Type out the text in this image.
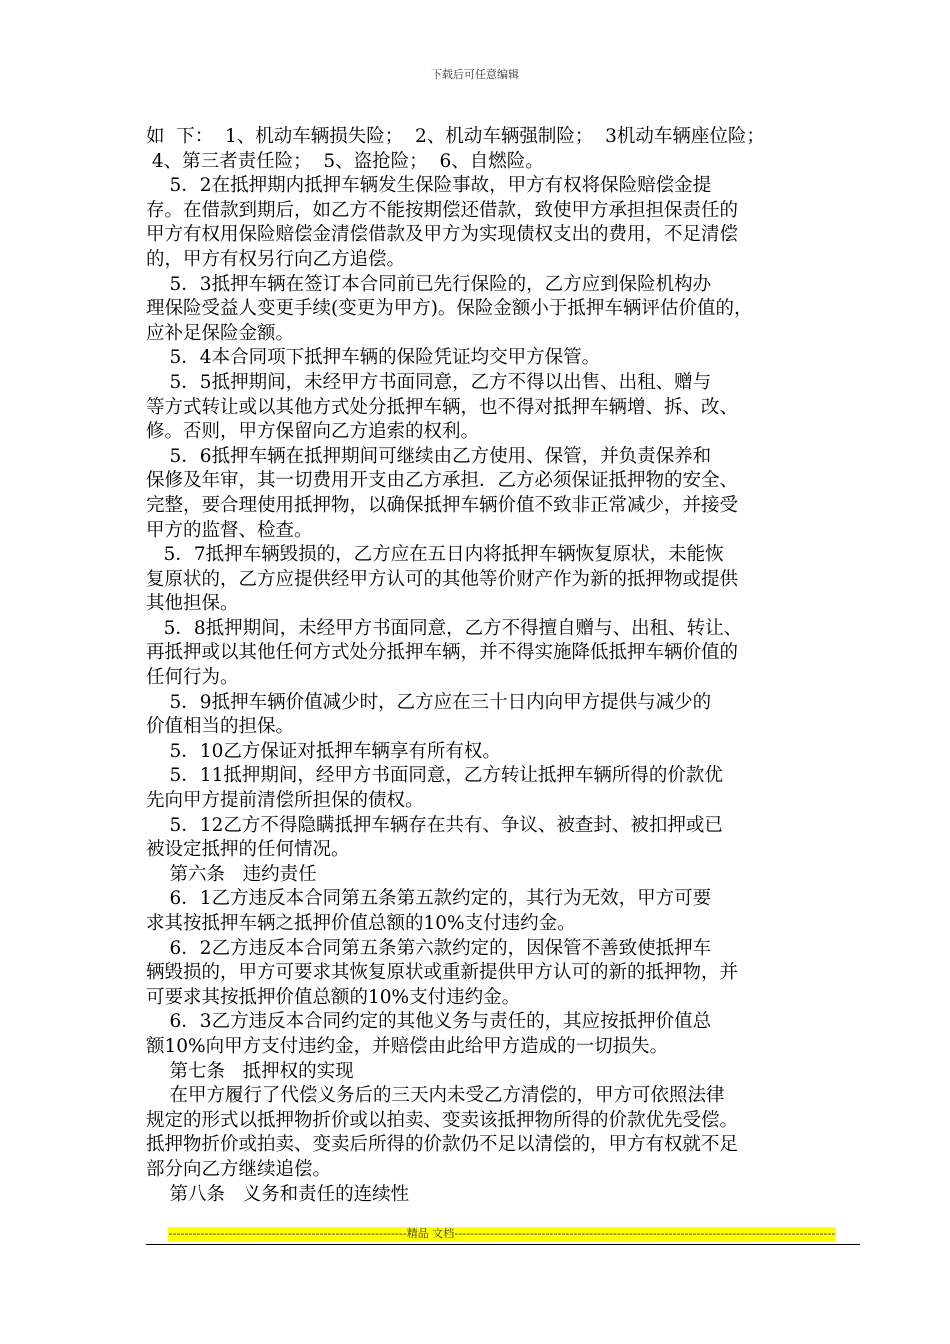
下载后可任意编辑
如  下：  1、机动车辆损失险；  2、机动车辆强制险；  3机动车辆座位险；
4、第三者责任险；  5、盗抢险；  6、自燃险。
5．2在抵押期内抵押车辆发生保险事故，甲方有权将保险赔偿金提
存。在借款到期后，如乙方不能按期偿还借款，致使甲方承担担保责任的
甲方有权用保险赔偿金清偿借款及甲方为实现债权支出的费用，不足清偿
的，甲方有权另行向乙方追偿。
5．3抵押车辆在签订本合同前已先行保险的，乙方应到保险机构办
理保险受益人变更手续(变更为甲方)。保险金额小于抵押车辆评估价值的，
应补足保险金额。
5．4本合同项下抵押车辆的保险凭证均交甲方保管。
5．5抵押期间，未经甲方书面同意，乙方不得以出售、出租、赠与
等方式转让或以其他方式处分抵押车辆，也不得对抵押车辆增、拆、改、
修。否则，甲方保留向乙方追索的权利。
5．6抵押车辆在抵押期间可继续由乙方使用、保管，并负责保养和
保修及年审，其一切费用开支由乙方承担．乙方必须保证抵押物的安全、
完整，要合理使用抵押物，以确保抵押车辆价值不致非正常减少，并接受
甲方的监督、检查。
5．7抵押车辆毁损的，乙方应在五日内将抵押车辆恢复原状，未能恢
复原状的，乙方应提供经甲方认可的其他等价财产作为新的抵押物或提供
其他担保。
5．8抵押期间，未经甲方书面同意，乙方不得擅自赠与、出租、转让、
再抵押或以其他任何方式处分抵押车辆，并不得实施降低抵押车辆价值的
任何行为。
5．9抵押车辆价值减少时，乙方应在三十日内向甲方提供与减少的
价值相当的担保。
5．10乙方保证对抵押车辆享有所有权。
5．11抵押期间，经甲方书面同意，乙方转让抵押车辆所得的价款优
先向甲方提前清偿所担保的债权。
5．12乙方不得隐瞒抵押车辆存在共有、争议、被查封、被扣押或已
被设定抵押的任何情况。
第六条   违约责任
6．1乙方违反本合同第五条第五款约定的，其行为无效，甲方可要
求其按抵押车辆之抵押价值总额的10%支付违约金。
6．2乙方违反本合同第五条第六款约定的，因保管不善致使抵押车
辆毁损的，甲方可要求其恢复原状或重新提供甲方认可的新的抵押物，并
可要求其按抵押价值总额的10%支付违约金。
6．3乙方违反本合同约定的其他义务与责任的，其应按抵押价值总
额10%向甲方支付违约金，并赔偿由此给甲方造成的一切损失。
第七条   抵押权的实现
在甲方履行了代偿义务后的三天内未受乙方清偿的，甲方可依照法律
规定的形式以抵押物折价或以拍卖、变卖该抵押物所得的价款优先受偿。
抵押物折价或拍卖、变卖后所得的价款仍不足以清偿的，甲方有权就不足
部分向乙方继续追偿。
第八条   义务和责任的连续性
------------------------------------------------------------精品 文档------------------------------------------------------------------------------------------------
